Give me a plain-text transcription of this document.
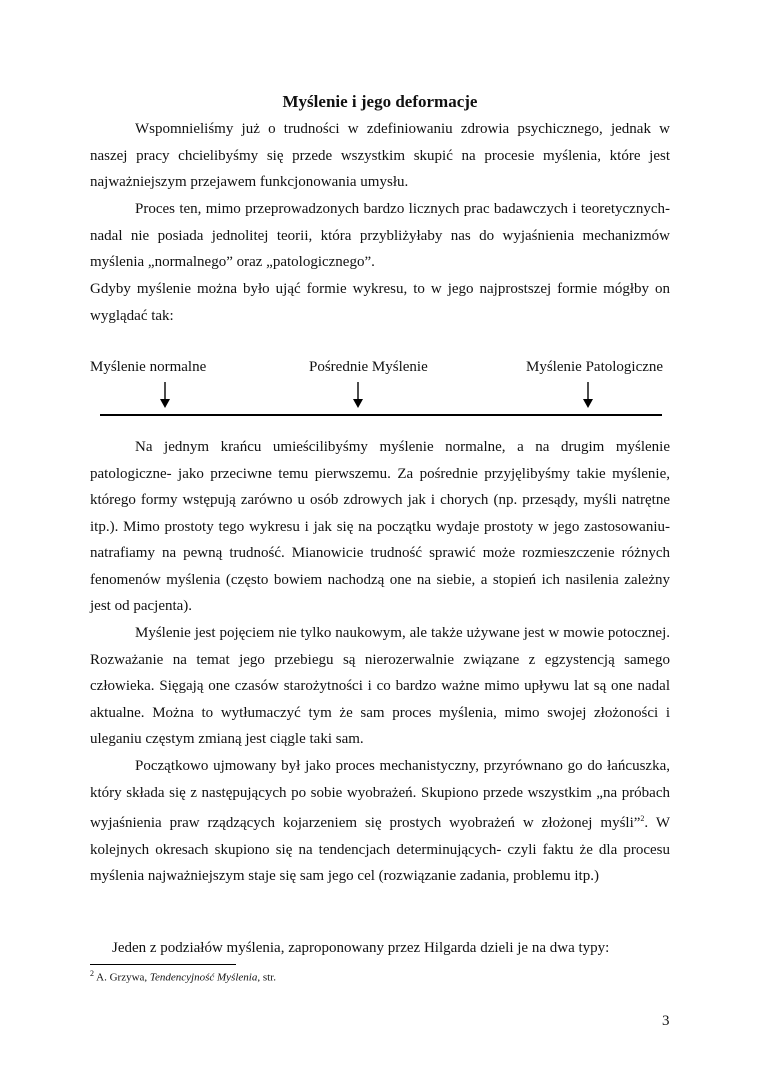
Myślenie i jego deformacje

Wspomnieliśmy już o trudności w zdefiniowaniu zdrowia psychicznego, jednak w naszej pracy chcielibyśmy się przede wszystkim skupić na procesie myślenia, które jest najważniejszym przejawem funkcjonowania umysłu.

Proces ten, mimo przeprowadzonych bardzo licznych prac badawczych i teoretycznych- nadal nie posiada jednolitej teorii, która przybliżyłaby nas do wyjaśnienia mechanizmów myślenia „normalnego” oraz „patologicznego”.

Gdyby myślenie można było ująć formie wykresu, to w jego najprostszej formie mógłby on wyglądać tak:

Myślenie normalne	Pośrednie Myślenie	Myślenie Patologiczne

Na jednym krańcu umieścilibyśmy myślenie normalne, a na drugim myślenie patologiczne- jako przeciwne temu pierwszemu. Za pośrednie przyjęlibyśmy takie myślenie, którego formy wstępują zarówno u osób zdrowych jak i chorych (np. przesądy, myśli natrętne itp.). Mimo prostoty tego wykresu i jak się na początku wydaje prostoty w jego zastosowaniu- natrafiamy na pewną trudność. Mianowicie trudność sprawić może rozmieszczenie różnych fenomenów myślenia (często bowiem nachodzą one na siebie, a stopień ich nasilenia zależny jest od pacjenta).

Myślenie jest pojęciem nie tylko naukowym, ale także używane jest w mowie potocznej. Rozważanie na temat jego przebiegu są nierozerwalnie związane z egzystencją samego człowieka. Sięgają one czasów starożytności i co bardzo ważne mimo upływu lat są one nadal aktualne. Można to wytłumaczyć tym że sam proces myślenia, mimo swojej złożoności i uleganiu częstym zmianą jest ciągle taki sam.

Początkowo ujmowany był jako proces mechanistyczny, przyrównano go do łańcuszka, który składa się z następujących po sobie wyobrażeń. Skupiono przede wszystkim „na próbach wyjaśnienia praw rządzących kojarzeniem się prostych wyobrażeń w złożonej myśli”$^2$. W kolejnych okresach skupiono się na tendencjach determinujących- czyli faktu że dla procesu myślenia najważniejszym staje się sam jego cel (rozwiązanie zadania, problemu itp.)

Jeden z podziałów myślenia, zaproponowany przez Hilgarda dzieli je na dwa typy:
$^2$ A. Grzywa, Tendencyjność Myślenia, str.
3
